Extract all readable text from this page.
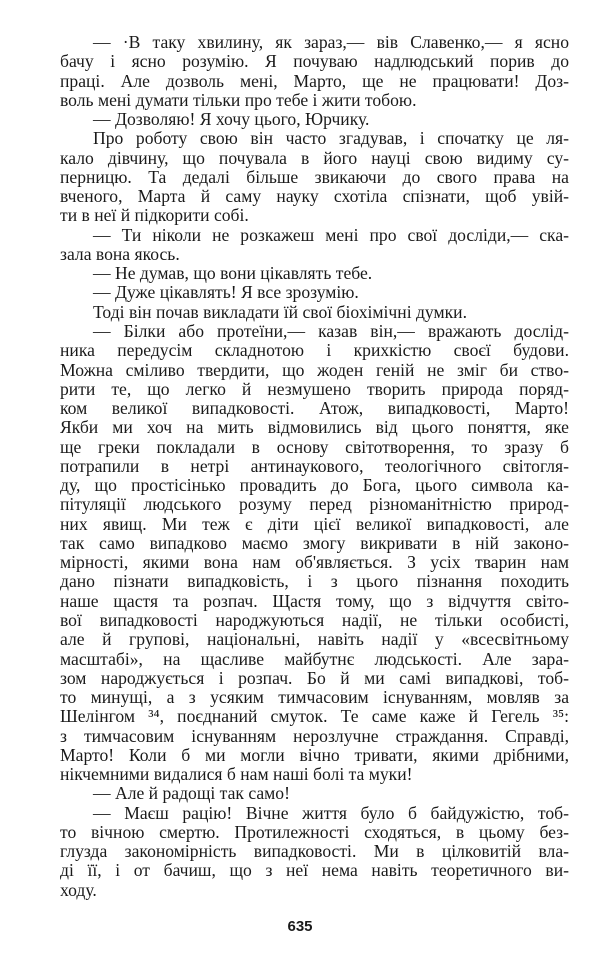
— ·В таку хвилину, як зараз,— вів Славенко,— я ясно
бачу і ясно розумію. Я почуваю надлюдський порив до
праці. Але дозволь мені, Марто, ще не працювати! Доз-
воль мені думати тільки про тебе і жити тобою.
— Дозволяю! Я хочу цього, Юрчику.
Про роботу свою він часто згадував, і спочатку це ля-
кало дівчину, що почувала в його науці свою видиму су-
перницю. Та дедалі більше звикаючи до свого права на
вченого, Марта й саму науку схотіла спізнати, щоб увій-
ти в неї й підкорити собі.
— Ти ніколи не розкажеш мені про свої досліди,— ска-
зала вона якось.
— Не думав, що вони цікавлять тебе.
— Дуже цікавлять! Я все зрозумію.
Тоді він почав викладати їй свої біохімічні думки.
— Білки або протеїни,— казав він,— вражають дослід-
ника передусім складнотою і крихкістю своєї будови.
Можна сміливо твердити, що жоден геній не зміг би ство-
рити те, що легко й незмушено творить природа поряд-
ком великої випадковості. Атож, випадковості, Марто!
Якби ми хоч на мить відмовились від цього поняття, яке
ще греки покладали в основу світотворення, то зразу б
потрапили в нетрі антинаукового, теологічного світогля-
ду, що простісінько провадить до Бога, цього символа ка-
пітуляції людського розуму перед різноманітністю природ-
них явищ. Ми теж є діти цієї великої випадковості, але
так само випадково маємо змогу викривати в ній законо-
мірності, якими вона нам об'являється. З усіх тварин нам
дано пізнати випадковість, і з цього пізнання походить
наше щастя та розпач. Щастя тому, що з відчуття світо-
вої випадковості народжуються надії, не тільки особисті,
але й групові, національні, навіть надії у «всесвітньому
масштабі», на щасливе майбутнє людськості. Але зара-
зом народжується і розпач. Бо й ми самі випадкові, тоб-
то минущі, а з усяким тимчасовим існуванням, мовляв за
Шелінгом ³⁴, поєднаний смуток. Те саме каже й Гегель ³⁵:
з тимчасовим існуванням нерозлучне страждання. Справді,
Марто! Коли б ми могли вічно тривати, якими дрібними,
нікчемними видалися б нам наші болі та муки!
— Але й радощі так само!
— Маєш рацію! Вічне життя було б байдужістю, тоб-
то вічною смертю. Протилежності сходяться, в цьому без-
глузда закономірність випадковості. Ми в цілковитій вла-
ді її, і от бачиш, що з неї нема навіть теоретичного ви-
ходу.
635
